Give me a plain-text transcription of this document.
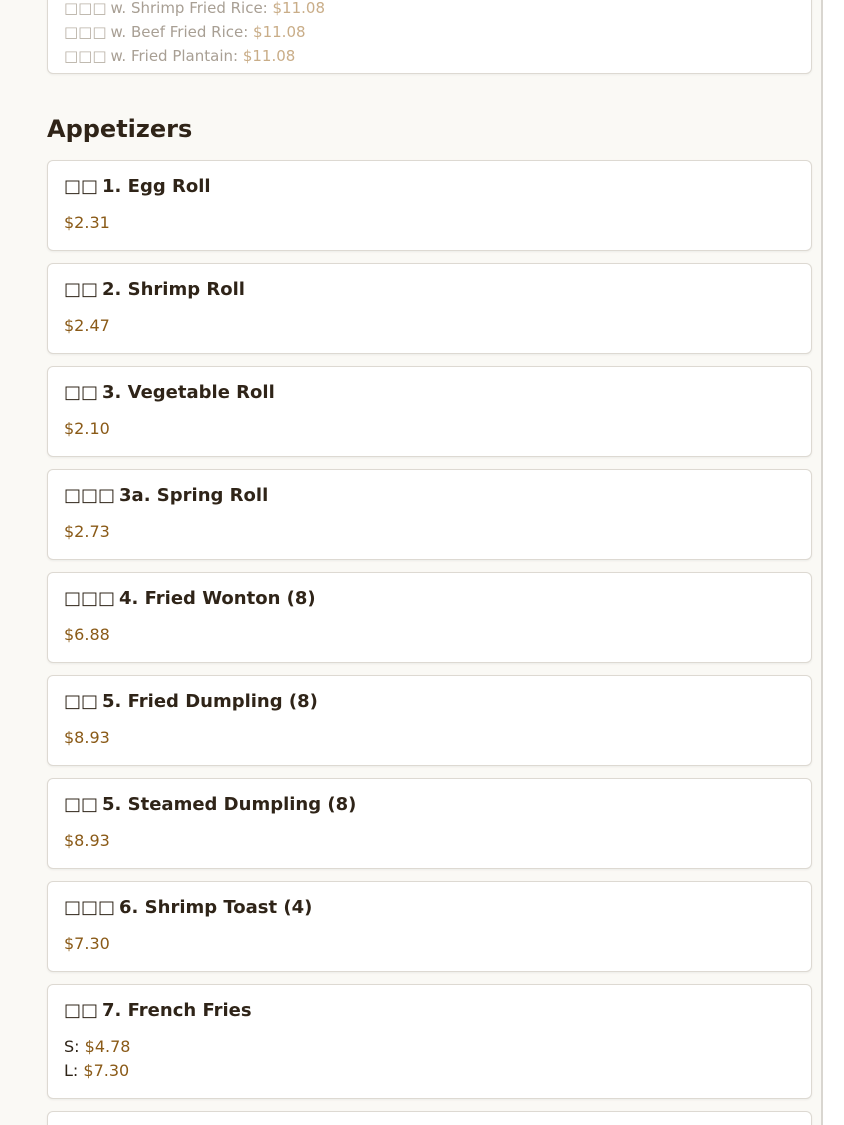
□□□ w. Shrimp Fried Rice: $11.08
□□□ w. Beef Fried Rice: $11.08
□□□ w. Fried Plantain: $11.08
Appetizers
□□ 1. Egg Roll
$2.31
□□ 2. Shrimp Roll
$2.47
□□ 3. Vegetable Roll
$2.10
□□□ 3a. Spring Roll
$2.73
□□□ 4. Fried Wonton (8)
$6.88
□□ 5. Fried Dumpling (8)
$8.93
□□ 5. Steamed Dumpling (8)
$8.93
□□□ 6. Shrimp Toast (4)
$7.30
□□ 7. French Fries
S: $4.78
L: $7.30
